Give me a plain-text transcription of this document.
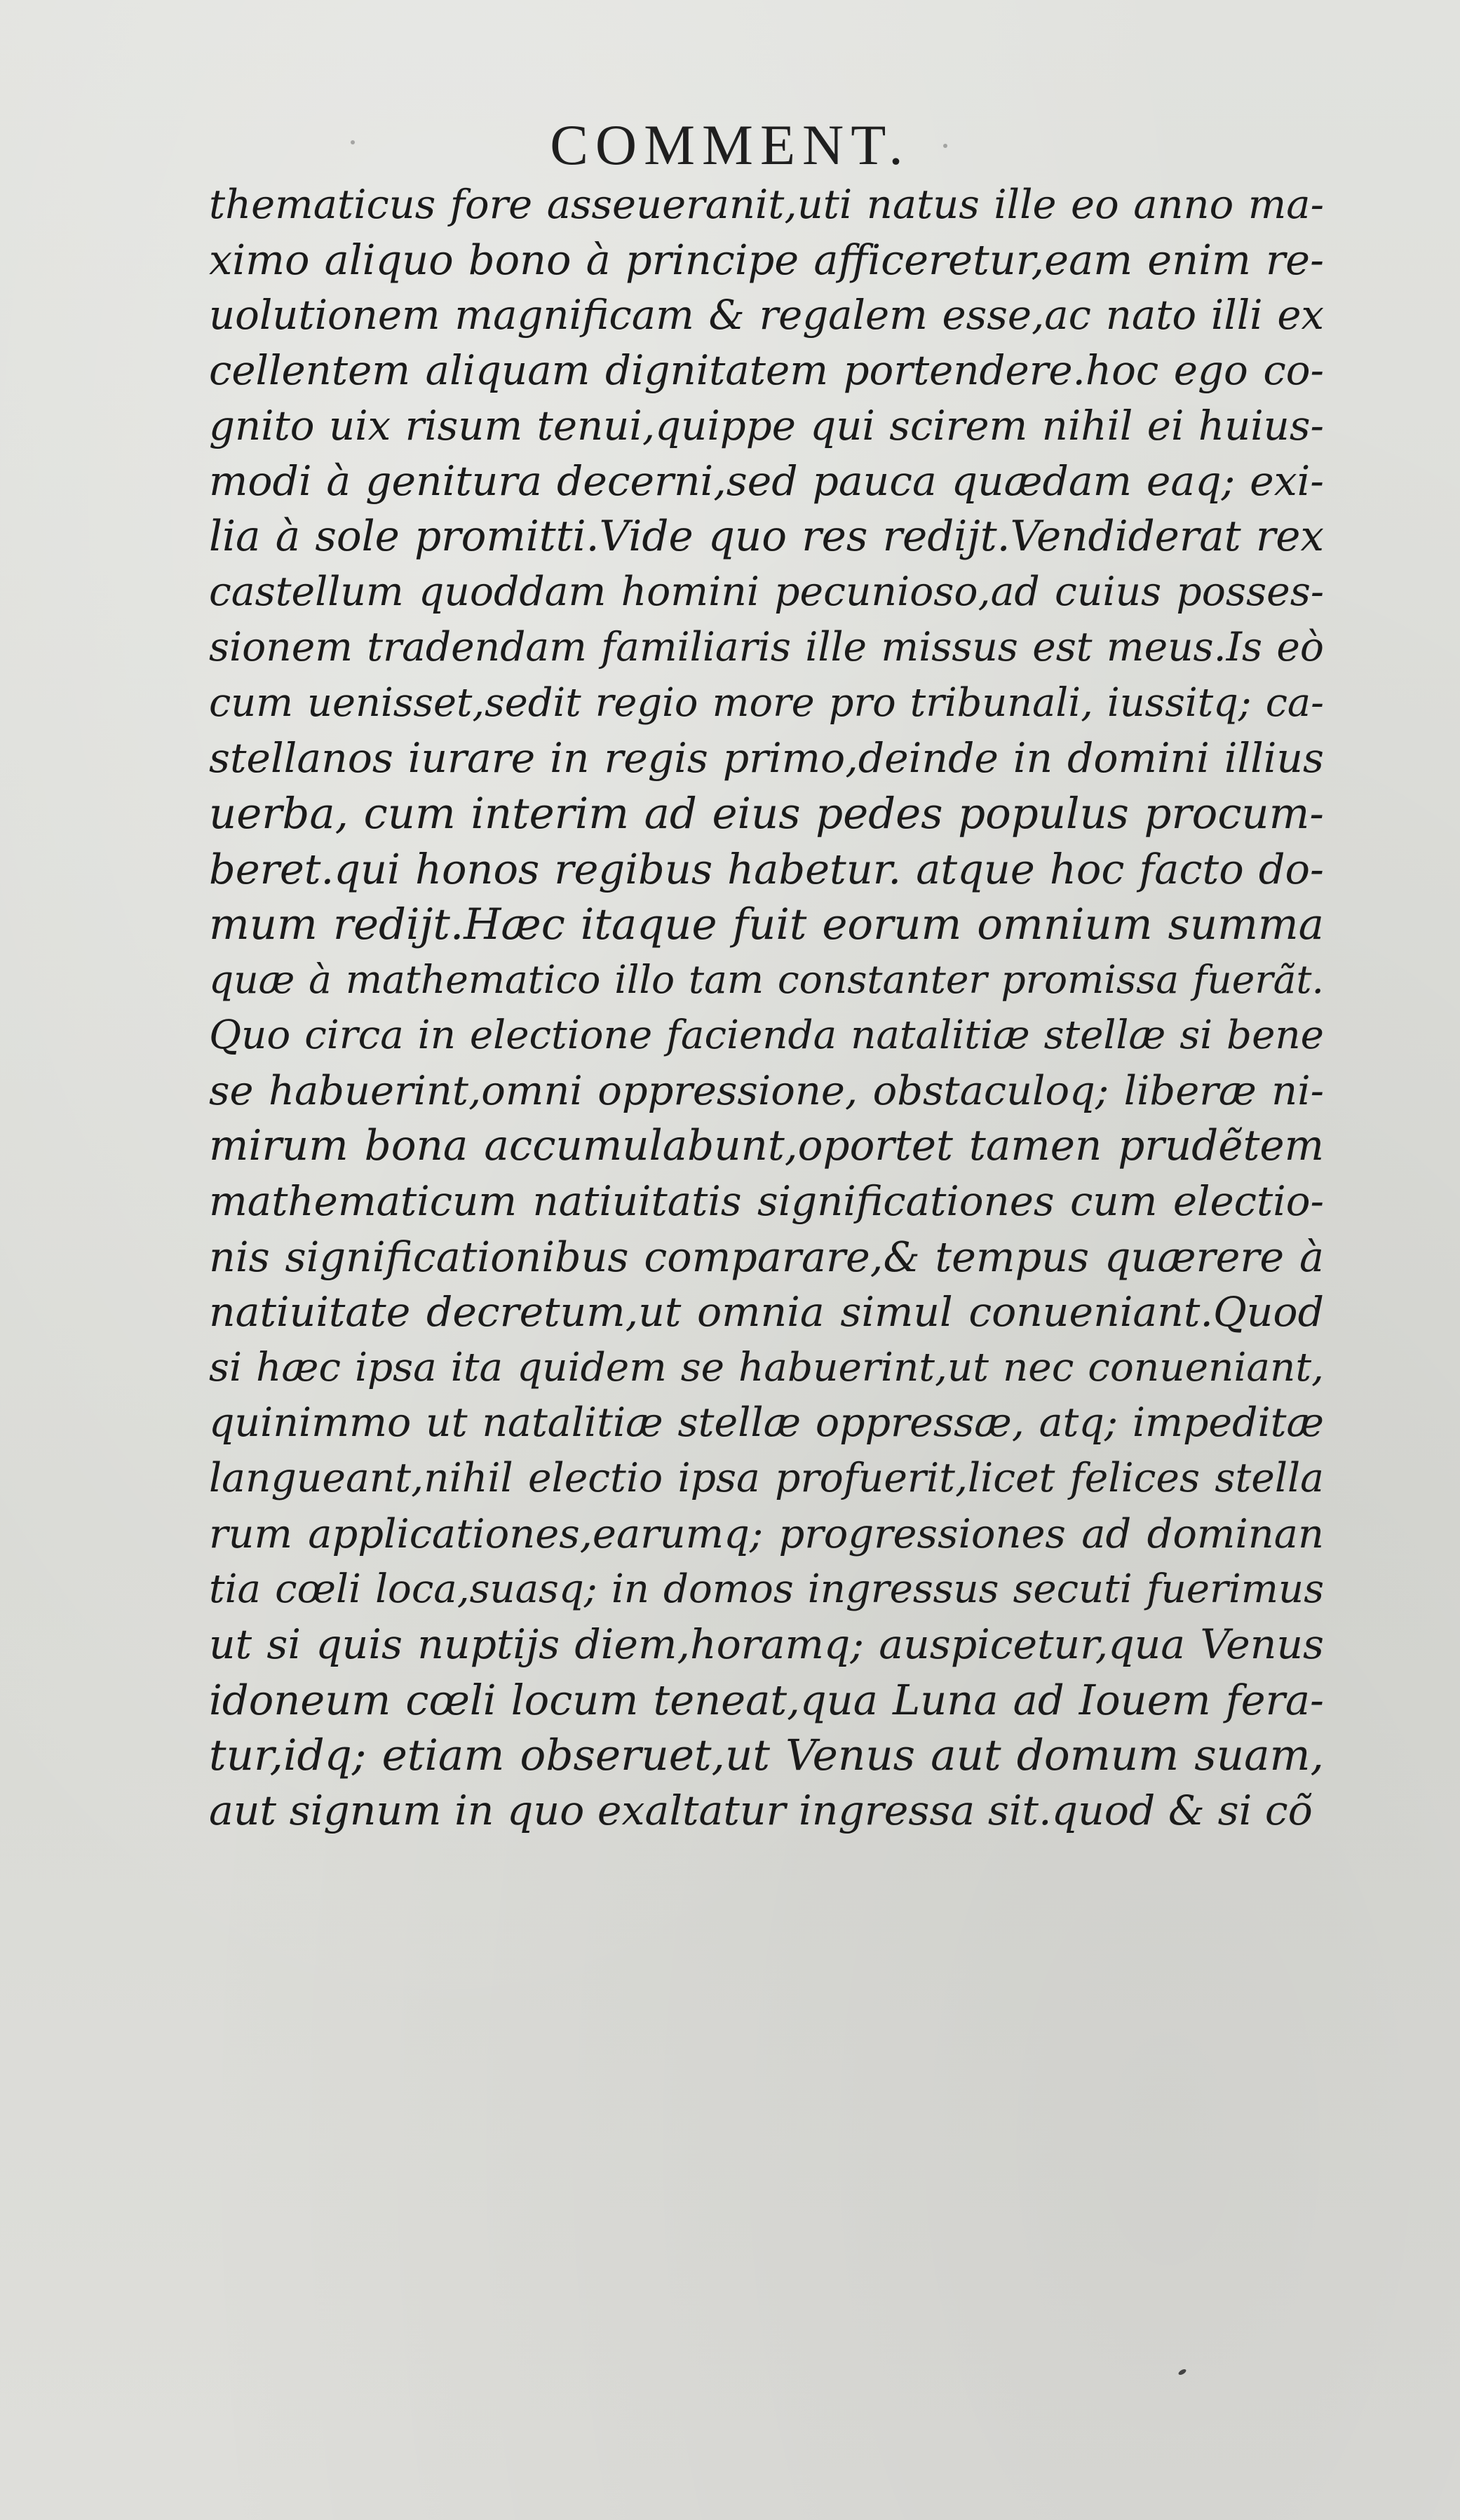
COMMENT.
thematicus fore asseueranit,uti natus ille eo anno ma-
ximo aliquo bono à principe afficeretur,eam enim re-
uolutionem magnificam & regalem esse,ac nato illi ex
cellentem aliquam dignitatem portendere.hoc ego co-
gnito uix risum tenui,quippe qui scirem nihil ei huius-
modi à genitura decerni,sed pauca quædam eaq; exi-
lia à sole promitti.Vide quo res redijt.Vendiderat rex
castellum quoddam homini pecunioso,ad cuius posses-
sionem tradendam familiaris ille missus est meus.Is eò
cum uenisset,sedit regio more pro tribunali, iussitq; ca-
stellanos iurare in regis primo,deinde in domini illius
uerba, cum interim ad eius pedes populus procum-
beret.qui honos regibus habetur. atque hoc facto do-
mum redijt.Hæc itaque fuit eorum omnium summa
quæ à mathematico illo tam constanter promissa fuerãt.
Quo circa in electione facienda natalitiæ stellæ si bene
se habuerint,omni oppressione, obstaculoq; liberæ ni-
mirum bona accumulabunt,oportet tamen prudẽtem
mathematicum natiuitatis significationes cum electio-
nis significationibus comparare,& tempus quærere à
natiuitate decretum,ut omnia simul conueniant.Quod
si hæc ipsa ita quidem se habuerint,ut nec conueniant,
quinimmo ut natalitiæ stellæ oppressæ, atq; impeditæ
langueant,nihil electio ipsa profuerit,licet felices stella
rum applicationes,earumq; progressiones ad dominan
tia cœli loca,suasq; in domos ingressus secuti fuerimus
ut si quis nuptijs diem,horamq; auspicetur,qua Venus
idoneum cœli locum teneat,qua Luna ad Iouem fera-
tur,idq; etiam obseruet,ut Venus aut domum suam,
aut signum in quo exaltatur ingressa sit.quod & si cõ
